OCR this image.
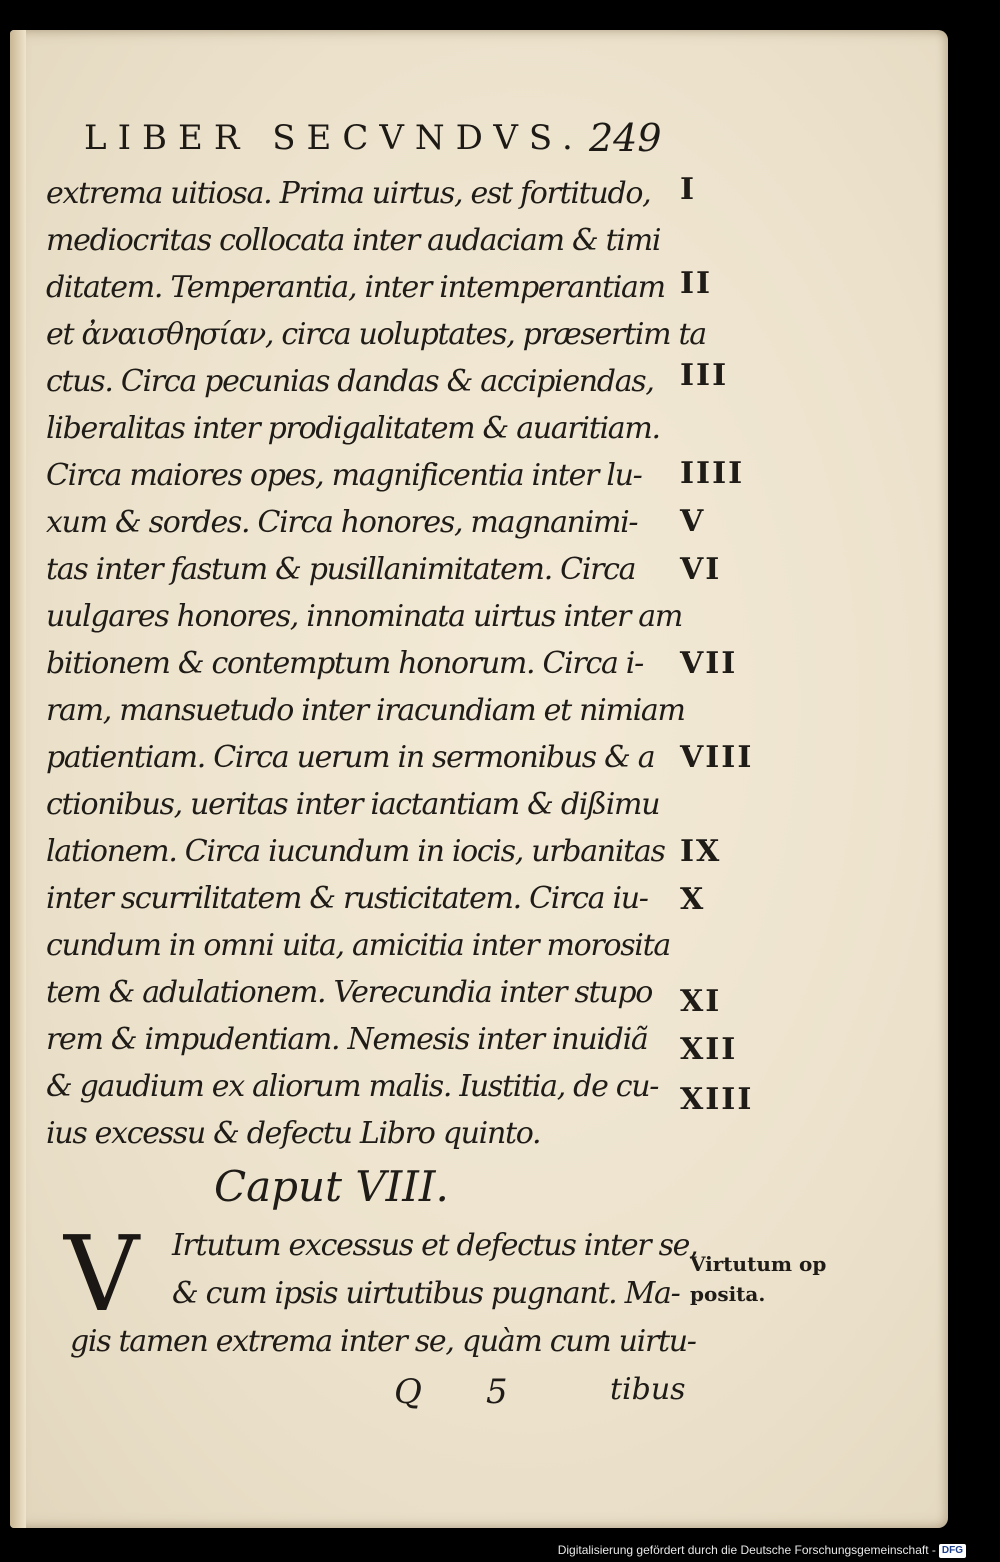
LIBER SECVNDVS. 249
extrema uitiosa. Prima uirtus, est fortitudo,
mediocritas collocata inter audaciam & timi
ditatem. Temperantia, inter intemperantiam
et ἀναισθησίαν, circa uoluptates, præsertim ta
ctus. Circa pecunias dandas & accipiendas,
liberalitas inter prodigalitatem & auaritiam.
Circa maiores opes, magnificentia inter lu-
xum & sordes. Circa honores, magnanimi-
tas inter fastum & pusillanimitatem. Circa
uulgares honores, innominata uirtus inter am
bitionem & contemptum honorum. Circa i-
ram, mansuetudo inter iracundiam et nimiam
patientiam. Circa uerum in sermonibus & a
ctionibus, ueritas inter iactantiam & dißimu
lationem. Circa iucundum in iocis, urbanitas
inter scurrilitatem & rusticitatem. Circa iu-
cundum in omni uita, amicitia inter morosita
tem & adulationem. Verecundia inter stupo
rem & impudentiam. Nemesis inter inuidiã
& gaudium ex aliorum malis. Iustitia, de cu-
ius excessu & defectu Libro quinto.
I
II
III
IIII
V
VI
VII
VIII
IX
X
XI
XII
XIII
Caput VIII.
V Irtutum excessus et defectus inter se,
& cum ipsis uirtutibus pugnant. Ma-
gis tamen extrema inter se, quàm cum uirtu-
Virtutum op
posita.
Q 5	tibus
Digitalisierung gefördert durch die Deutsche Forschungsgemeinschaft - DFG
